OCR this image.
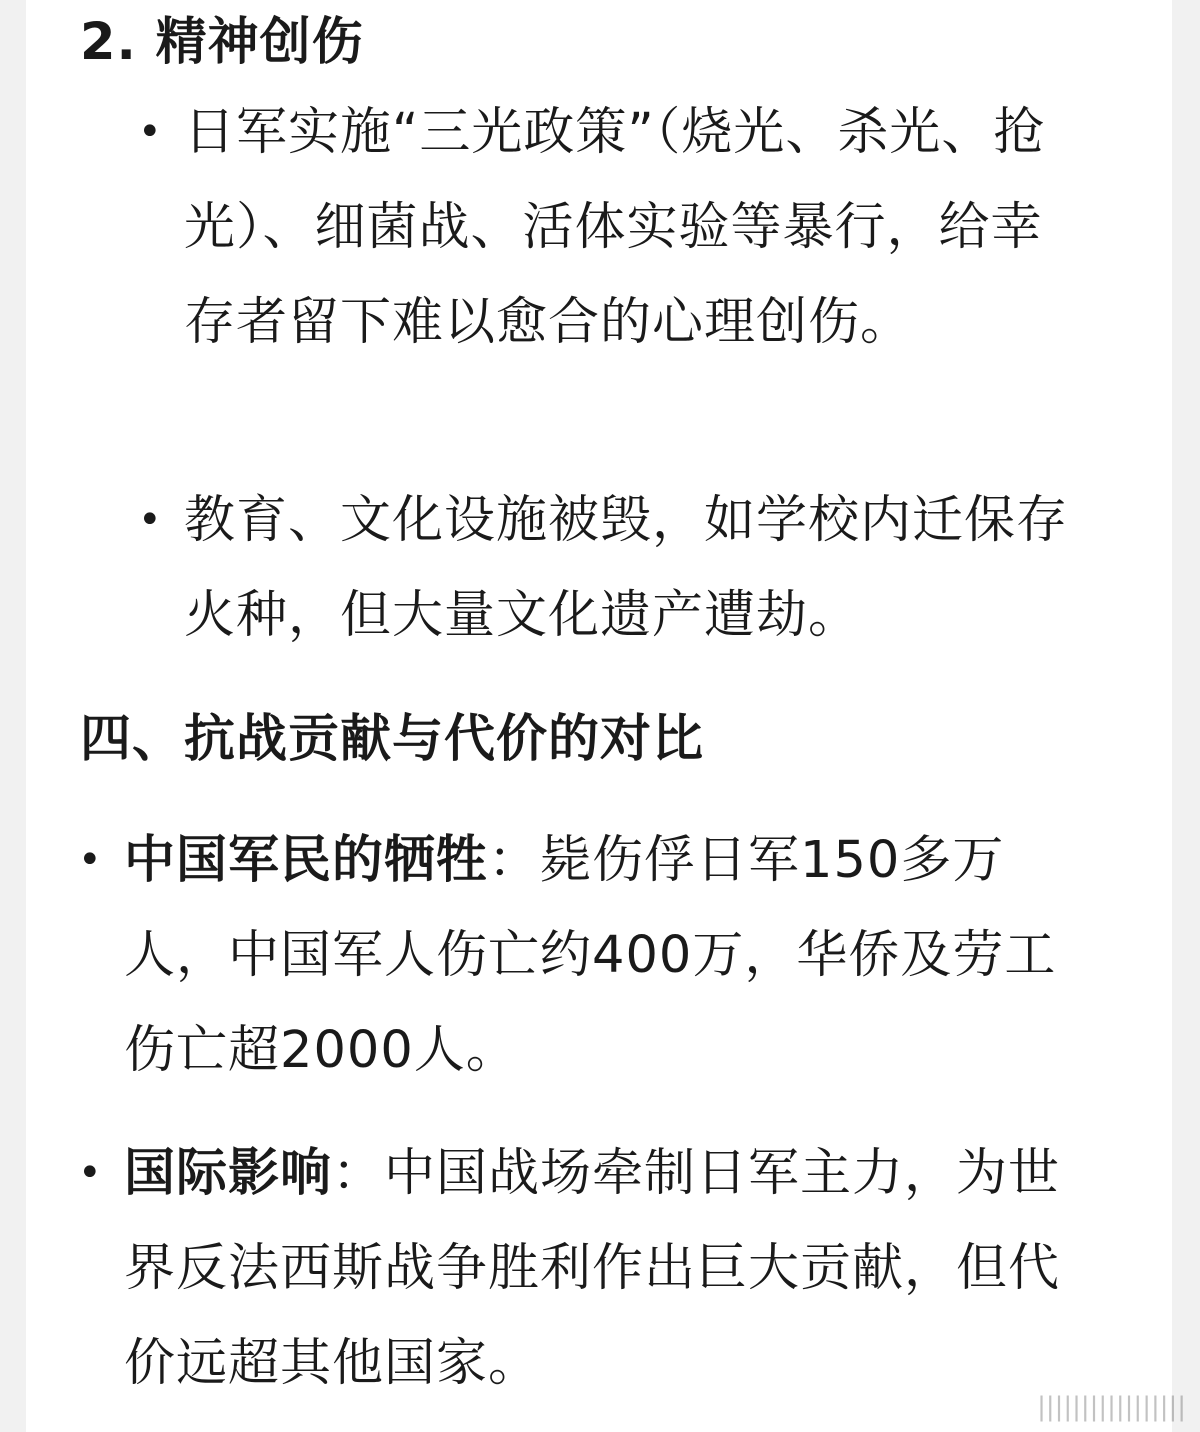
2. 精神创伤
• 日军实施“三光政策”（烧光、杀光、抢光）、细菌战、活体实验等暴行，给幸存者留下难以愈合的心理创伤。

• 教育、文化设施被毁，如学校内迁保存火种，但大量文化遗产遭劫。

四、抗战贡献与代价的对比
• 中国军民的牺牲：毙伤俘日军150多万人，中国军人伤亡约400万，华侨及劳工伤亡超2000人。

• 国际影响：中国战场牵制日军主力，为世界反法西斯战争胜利作出巨大贡献，但代价远超其他国家。

|||||||||||||||||
